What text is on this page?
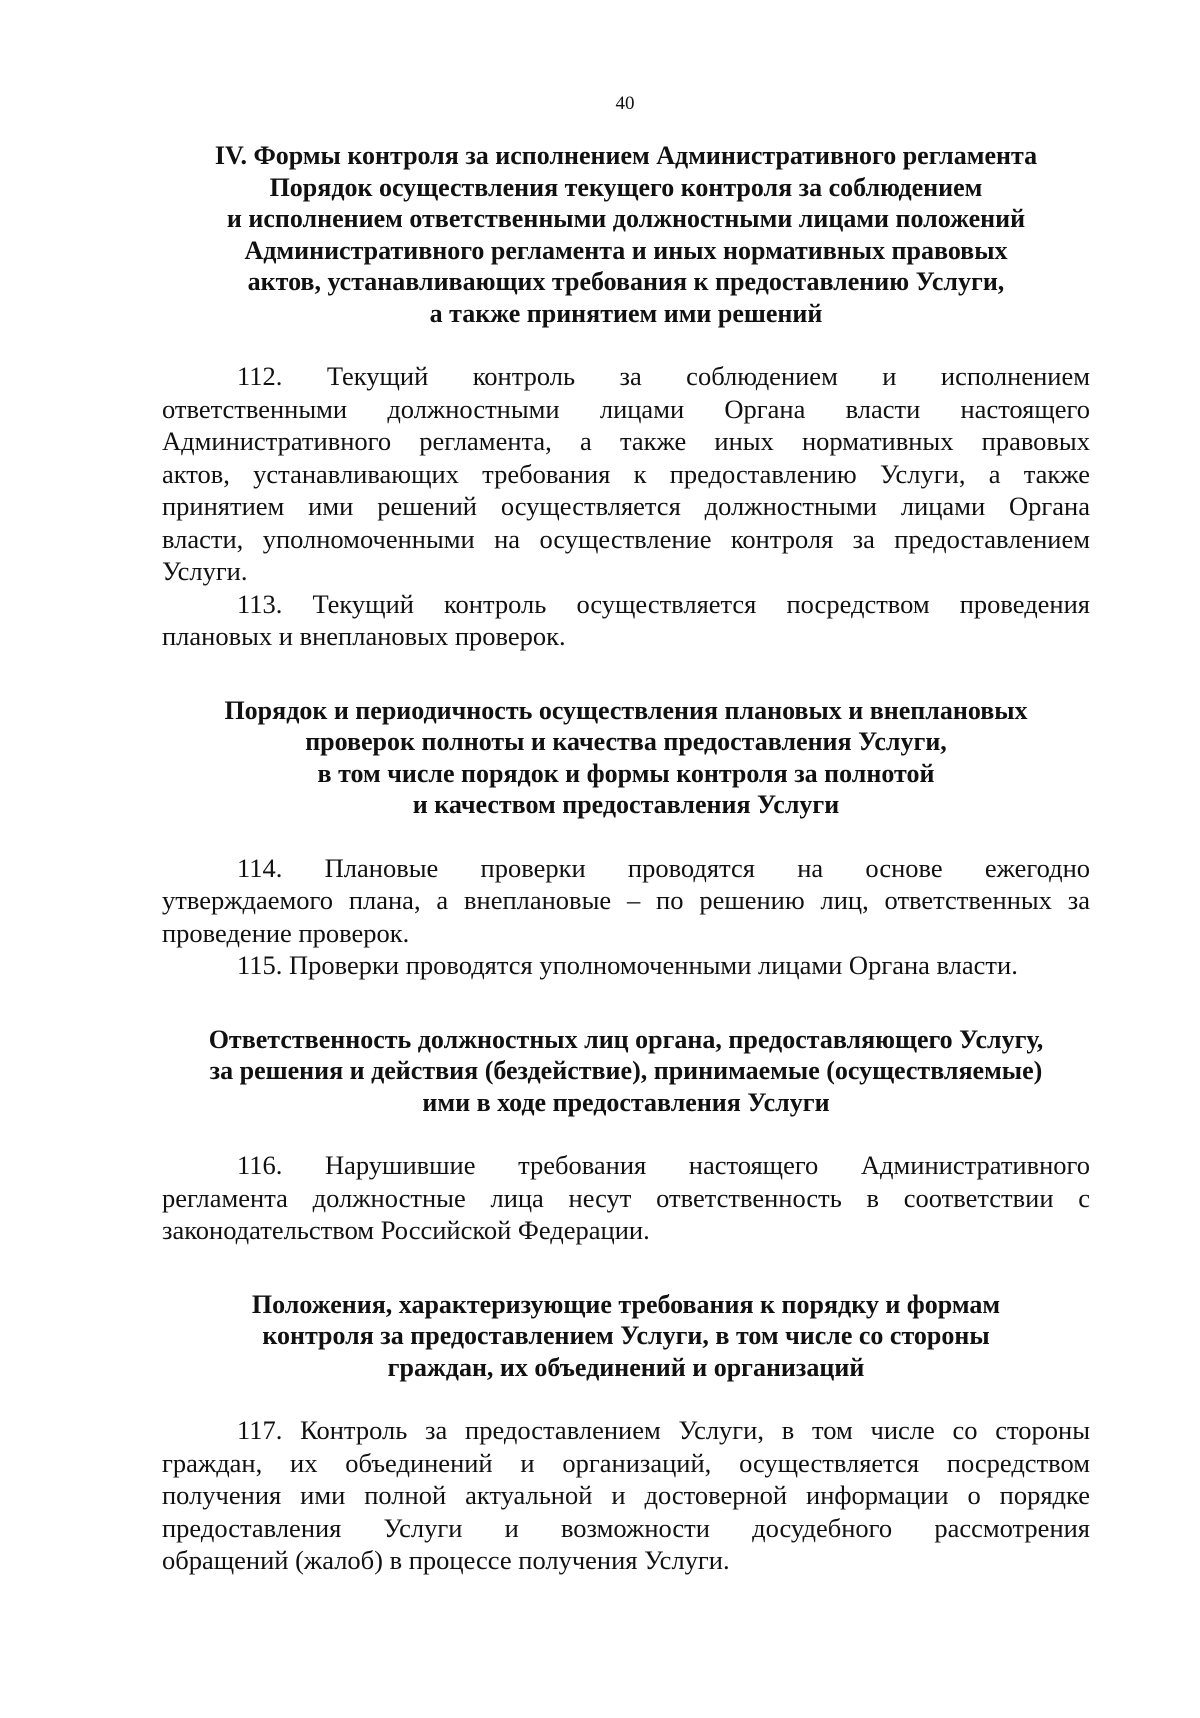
40
IV. Формы контроля за исполнением Административного регламента
Порядок осуществления текущего контроля за соблюдением
и исполнением ответственными должностными лицами положений
Административного регламента и иных нормативных правовых
актов, устанавливающих требования к предоставлению Услуги,
а также принятием ими решений
112. Текущий контроль за соблюдением и исполнением
ответственными должностными лицами Органа власти настоящего
Административного регламента, а также иных нормативных правовых
актов, устанавливающих требования к предоставлению Услуги, а также
принятием ими решений осуществляется должностными лицами Органа
власти, уполномоченными на осуществление контроля за предоставлением
Услуги.
113. Текущий контроль осуществляется посредством проведения
плановых и внеплановых проверок.
Порядок и периодичность осуществления плановых и внеплановых
проверок полноты и качества предоставления Услуги,
в том числе порядок и формы контроля за полнотой
и качеством предоставления Услуги
114. Плановые проверки проводятся на основе ежегодно
утверждаемого плана, а внеплановые – по решению лиц, ответственных за
проведение проверок.
115. Проверки проводятся уполномоченными лицами Органа власти.
Ответственность должностных лиц органа, предоставляющего Услугу,
за решения и действия (бездействие), принимаемые (осуществляемые)
ими в ходе предоставления Услуги
116. Нарушившие требования настоящего Административного
регламента должностные лица несут ответственность в соответствии с
законодательством Российской Федерации.
Положения, характеризующие требования к порядку и формам
контроля за предоставлением Услуги, в том числе со стороны
граждан, их объединений и организаций
117. Контроль за предоставлением Услуги, в том числе со стороны
граждан, их объединений и организаций, осуществляется посредством
получения ими полной актуальной и достоверной информации о порядке
предоставления Услуги и возможности досудебного рассмотрения
обращений (жалоб) в процессе получения Услуги.
